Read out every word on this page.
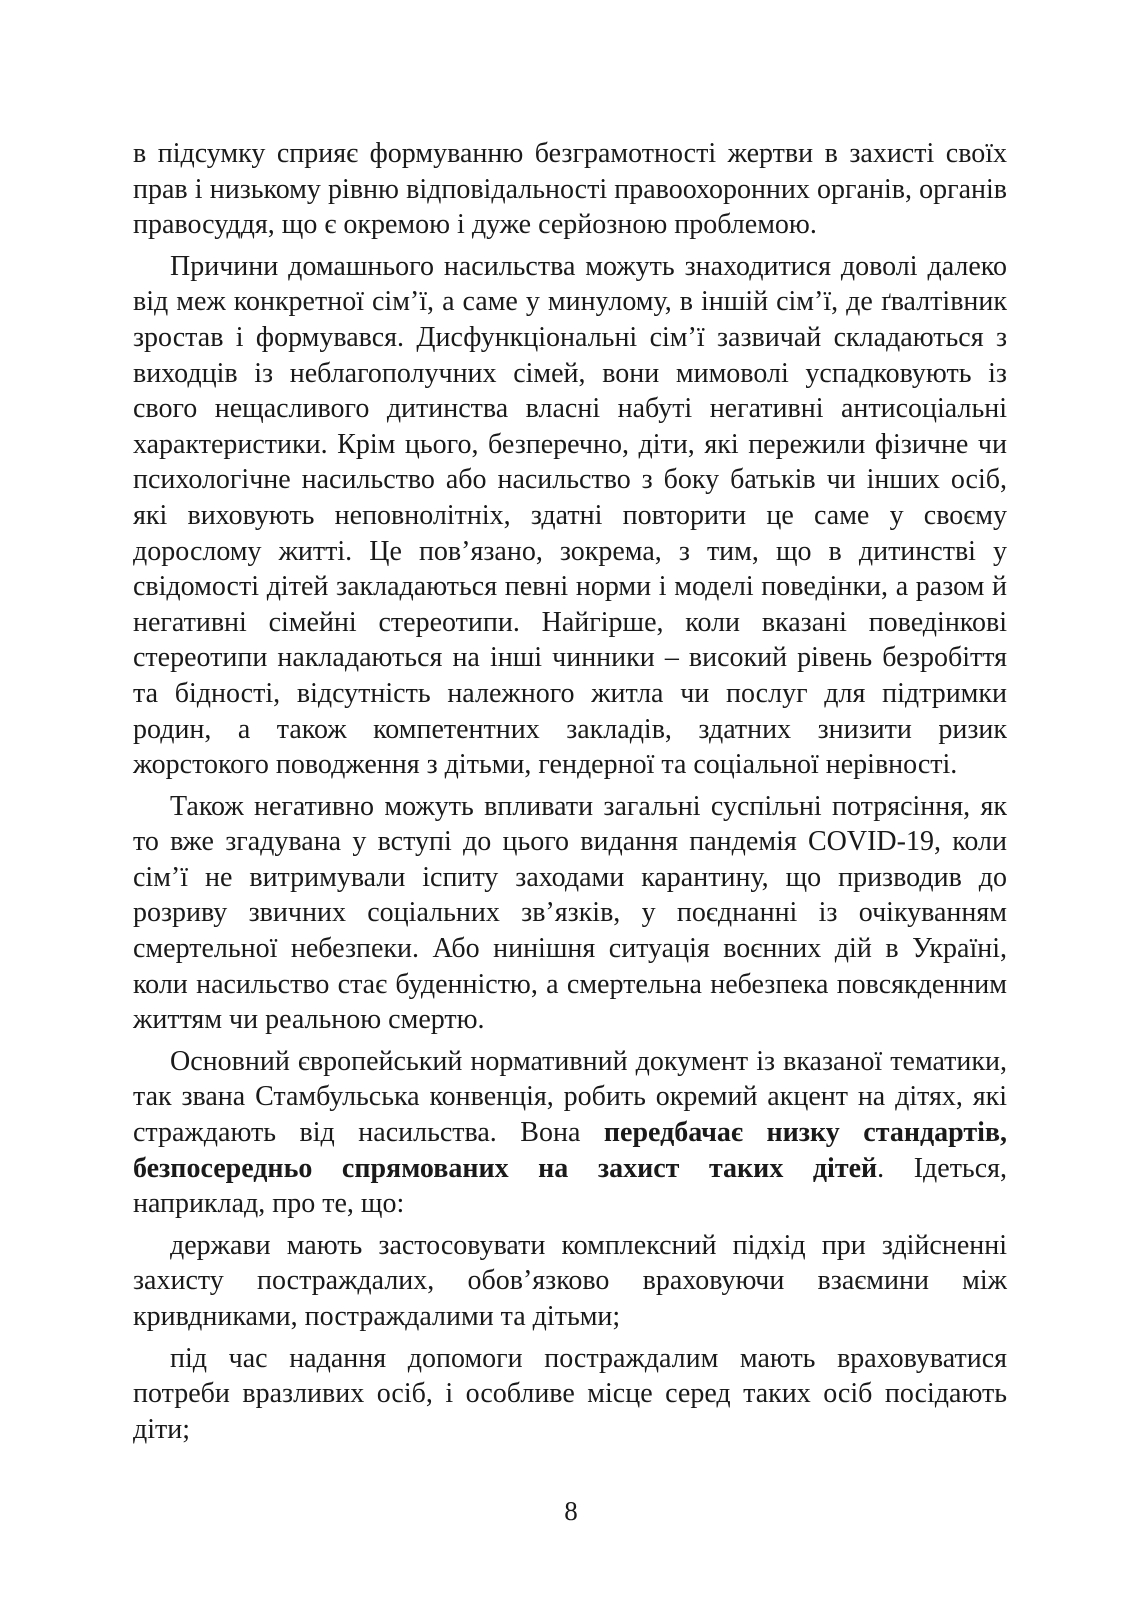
в підсумку сприяє формуванню безграмотності жертви в захисті своїх прав і низькому рівню відповідальності правоохоронних органів, органів правосуддя, що є окремою і дуже серйозною проблемою.

Причини домашнього насильства можуть знаходитися доволі далеко від меж конкретної сім’ї, а саме у минулому, в іншій сім’ї, де ґвалтівник зростав і формувався. Дисфункціональні сім’ї зазвичай складаються з виходців із неблагополучних сімей, вони мимоволі успадковують із свого нещасливого дитинства власні набуті негативні антисоціальні характеристики. Крім цього, безперечно, діти, які пережили фізичне чи психологічне насильство або насильство з боку батьків чи інших осіб, які виховують неповнолітніх, здатні повторити це саме у своєму дорослому житті. Це пов’язано, зокрема, з тим, що в дитинстві у свідомості дітей закладаються певні норми і моделі поведінки, а разом й негативні сімейні стереотипи. Найгірше, коли вказані поведінкові стереотипи накладаються на інші чинники – високий рівень безробіття та бідності, відсутність належного житла чи послуг для підтримки родин, а також компетентних закладів, здатних знизити ризик жорстокого поводження з дітьми, гендерної та соціальної нерівності.

Також негативно можуть впливати загальні суспільні потрясіння, як то вже згадувана у вступі до цього видання пандемія COVID-19, коли сім’ї не витримували іспиту заходами карантину, що призводив до розриву звичних соціальних зв’язків, у поєднанні із очікуванням смертельної небезпеки. Або нинішня ситуація воєнних дій в Україні, коли насильство стає буденністю, а смертельна небезпека повсякденним життям чи реальною смертю.

Основний європейський нормативний документ із вказаної тематики, так звана Стамбульська конвенція, робить окремий акцент на дітях, які страждають від насильства. Вона передбачає низку стандартів, безпосередньо спрямованих на захист таких дітей. Ідеться, наприклад, про те, що:

держави мають застосовувати комплексний підхід при здійсненні захисту постраждалих, обов’язково враховуючи взаємини між кривдниками, постраждалими та дітьми;

під час надання допомоги постраждалим мають враховуватися потреби вразливих осіб, і особливе місце серед таких осіб посідають діти;

8
